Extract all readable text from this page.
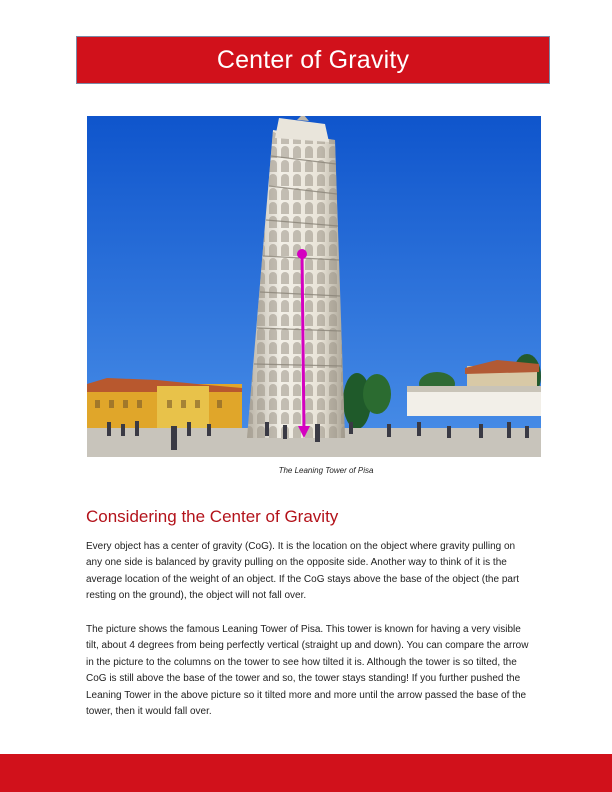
Center of Gravity
The Leaning Tower of Pisa
Considering the Center of Gravity

Every object has a center of gravity (CoG). It is the location on the object where gravity pulling on any one side is balanced by gravity pulling on the opposite side. Another way to think of it is the average location of the weight of an object. If the CoG stays above the base of the object (the part resting on the ground), the object will not fall over.

The picture shows the famous Leaning Tower of Pisa. This tower is known for having a very visible tilt, about 4 degrees from being perfectly vertical (straight up and down). You can compare the arrow in the picture to the columns on the tower to see how tilted it is. Although the tower is so tilted, the CoG is still above the base of the tower and so, the tower stays standing! If you further pushed the Leaning Tower in the above picture so it tilted more and more until the arrow passed the base of the tower, then it would fall over.
